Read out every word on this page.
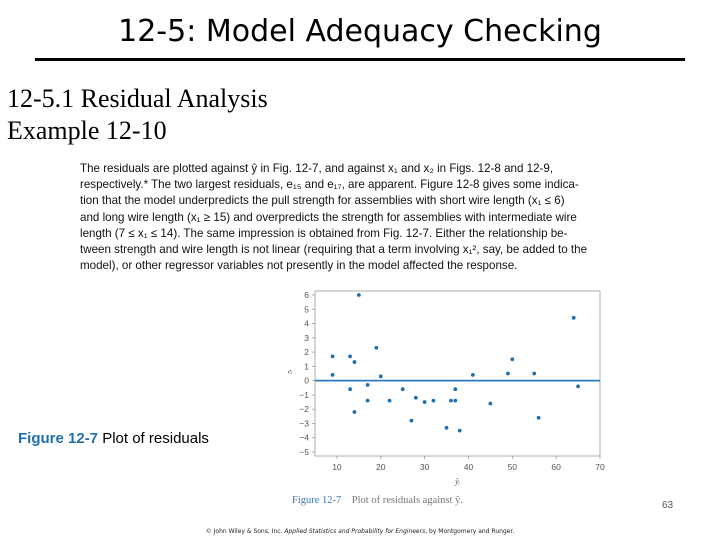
12-5: Model Adequacy Checking
12-5.1 Residual Analysis
Example 12-10
The residuals are plotted against ŷ in Fig. 12-7, and against x₁ and x₂ in Figs. 12-8 and 12-9,
respectively.* The two largest residuals, e₁₅ and e₁₇, are apparent. Figure 12-8 gives some indica-
tion that the model underpredicts the pull strength for assemblies with short wire length (x₁ ≤ 6)
and long wire length (x₁ ≥ 15) and overpredicts the strength for assemblies with intermediate wire
length (7 ≤ x₁ ≤ 14). The same impression is obtained from Fig. 12-7. Either the relationship be-
tween strength and wire length is not linear (requiring that a term involving x₁², say, be added to the
model), or other regressor variables not presently in the model affected the response.
Figure 12-7 Plot of residuals
6
5
4
3
2
1
0
−1
−2
−3
−4
−5
10	20	30	40	50	60	70
eᵢ
ŷᵢ
Figure 12-7 Plot of residuals against ŷ.	63
© John Wiley & Sons, Inc. Applied Statistics and Probability for Engineers, by Montgomery and Runger.
